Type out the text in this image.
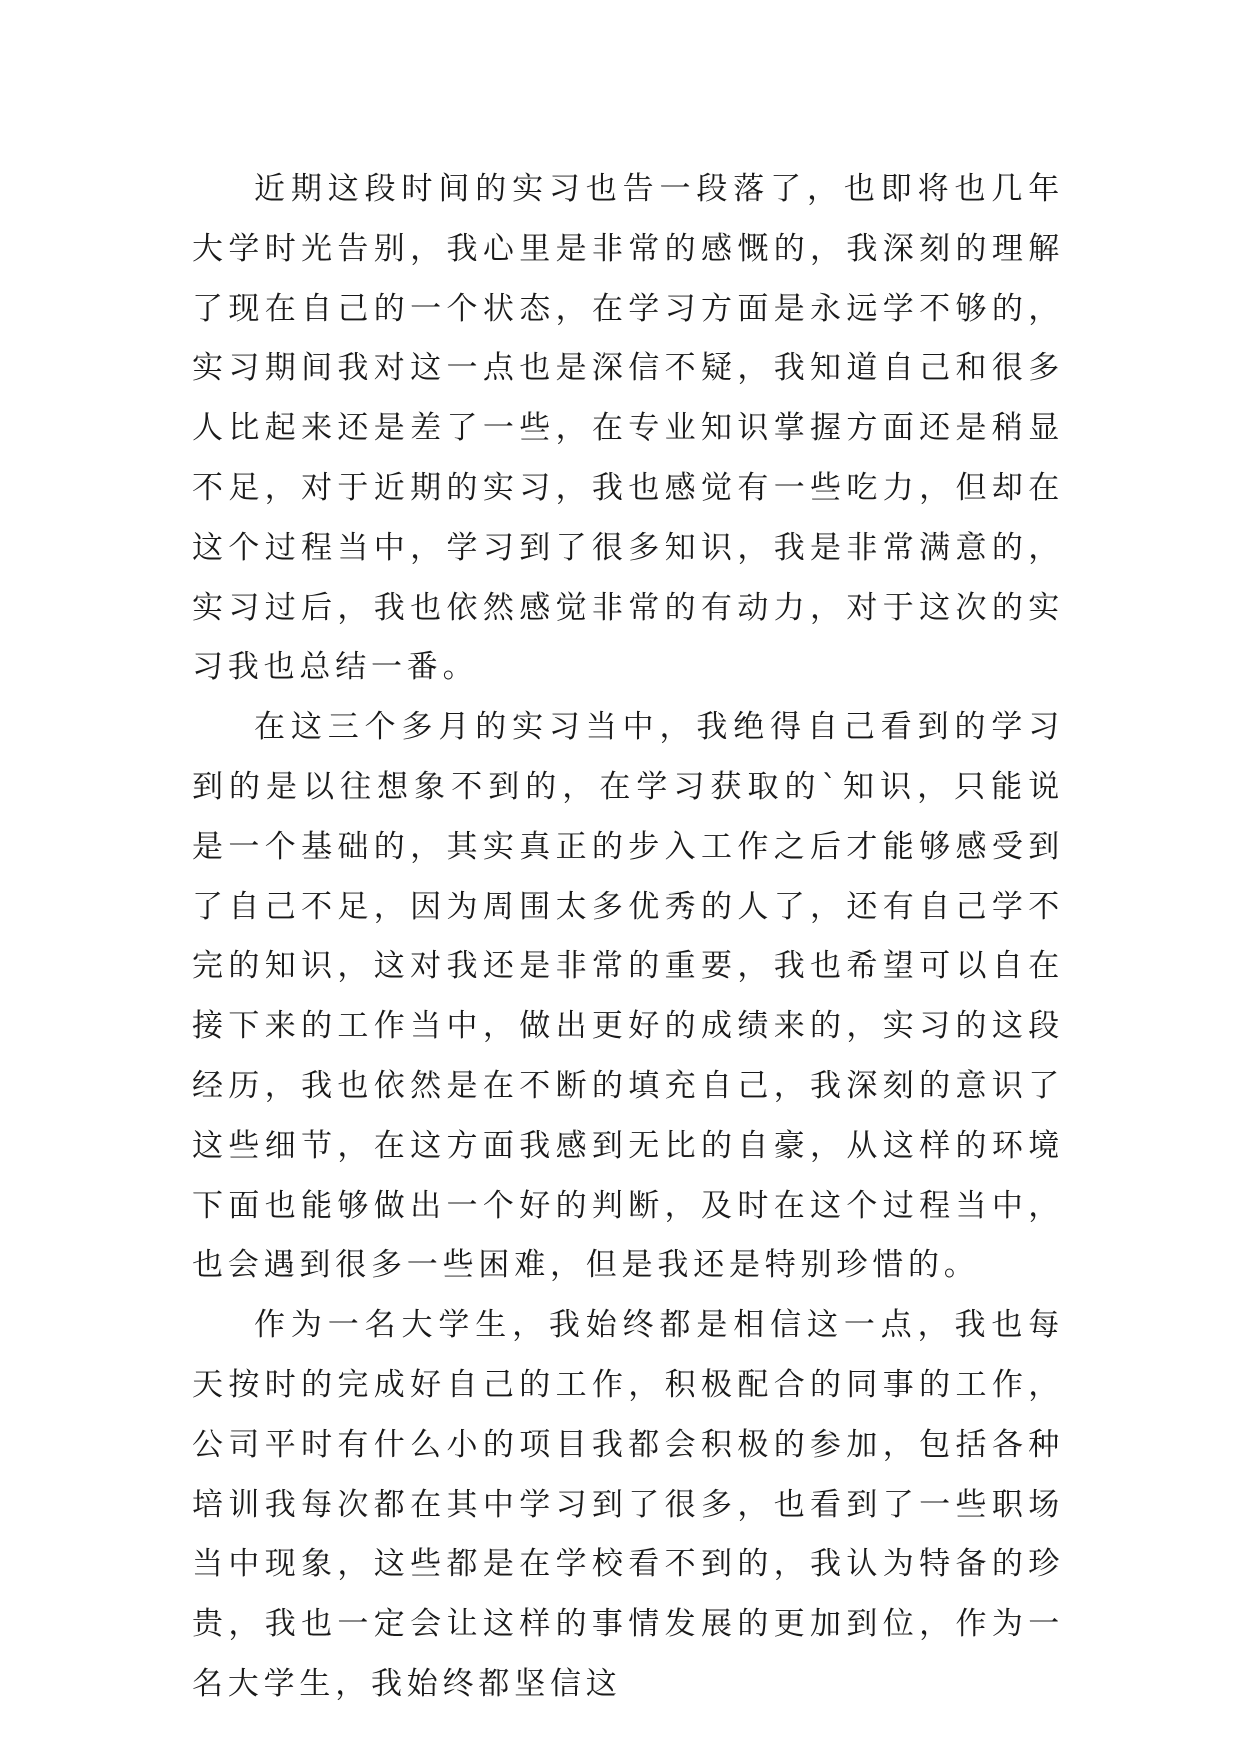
近期这段时间的实习也告一段落了，也即将也几年大学时光告别，我心里是非常的感慨的，我深刻的理解了现在自己的一个状态，在学习方面是永远学不够的，实习期间我对这一点也是深信不疑，我知道自己和很多人比起来还是差了一些，在专业知识掌握方面还是稍显不足，对于近期的实习，我也感觉有一些吃力，但却在这个过程当中，学习到了很多知识，我是非常满意的，实习过后，我也依然感觉非常的有动力，对于这次的实习我也总结一番。

在这三个多月的实习当中，我绝得自己看到的学习到的是以往想象不到的，在学习获取的`知识，只能说是一个基础的，其实真正的步入工作之后才能够感受到了自己不足，因为周围太多优秀的人了，还有自己学不完的知识，这对我还是非常的重要，我也希望可以自在接下来的工作当中，做出更好的成绩来的，实习的这段经历，我也依然是在不断的填充自己，我深刻的意识了这些细节，在这方面我感到无比的自豪，从这样的环境下面也能够做出一个好的判断，及时在这个过程当中，也会遇到很多一些困难，但是我还是特别珍惜的。

作为一名大学生，我始终都是相信这一点，我也每天按时的完成好自己的工作，积极配合的同事的工作，公司平时有什么小的项目我都会积极的参加，包括各种培训我每次都在其中学习到了很多，也看到了一些职场当中现象，这些都是在学校看不到的，我认为特备的珍贵，我也一定会让这样的事情发展的更加到位，作为一名大学生，我始终都坚信这
